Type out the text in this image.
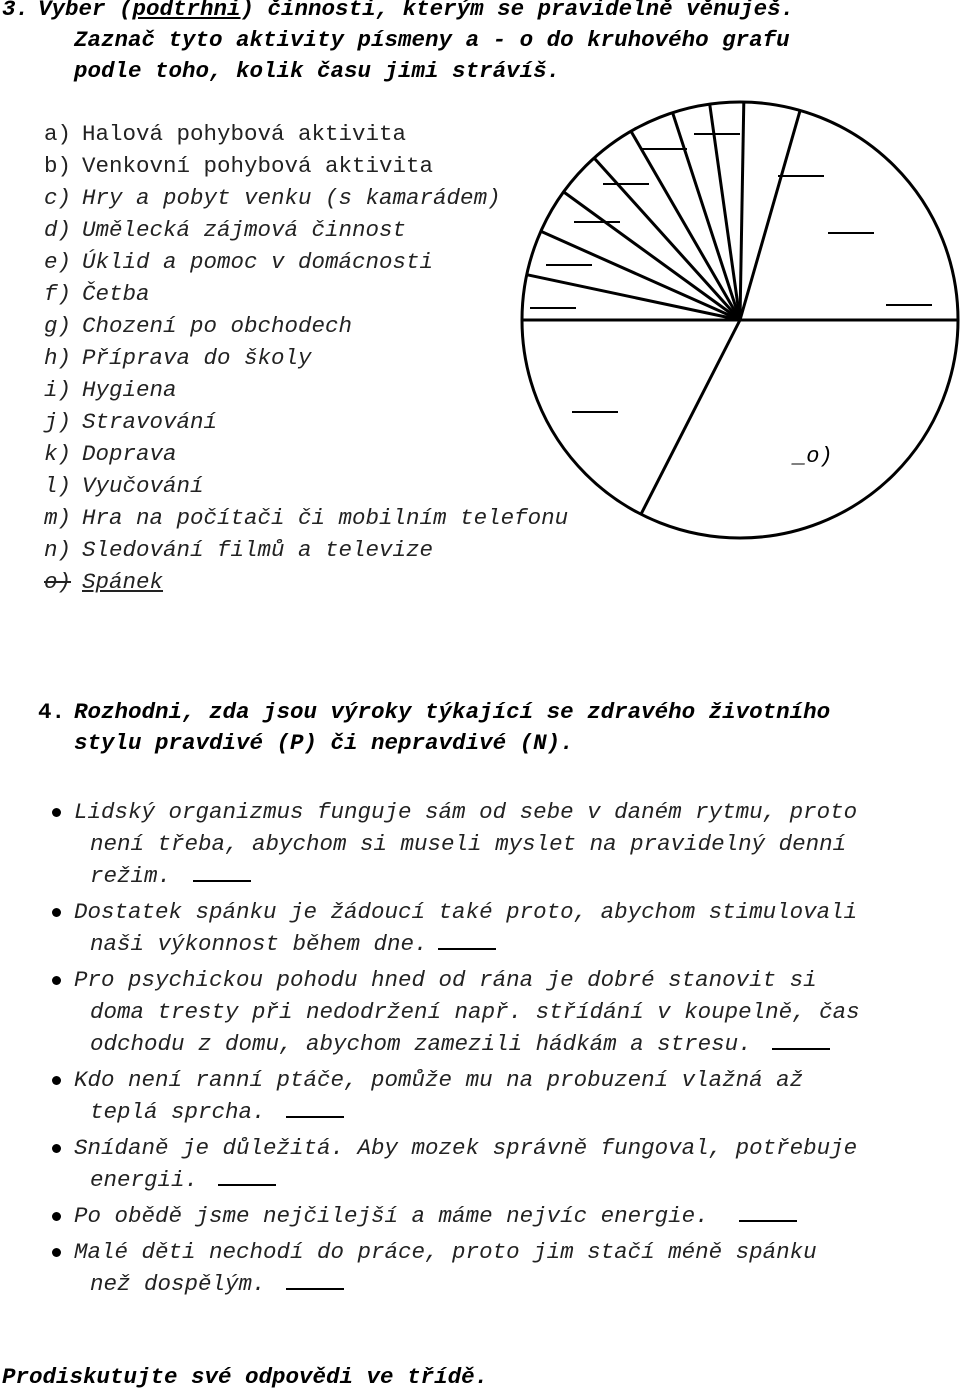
3. Vyber (podtrhni) činnosti, kterým se pravidelně věnuješ.
Zaznač tyto aktivity písmeny a - o do kruhového grafu
podle toho, kolik času jimi strávíš.
a) Halová pohybová aktivita
b) Venkovní pohybová aktivita
c) Hry a pobyt venku (s kamarádem)
d) Umělecká zájmová činnost
e) Úklid a pomoc v domácnosti
f) Četba
g) Chození po obchodech
h) Příprava do školy
i) Hygiena
j) Stravování
k) Doprava
l) Vyučování
m) Hra na počítači či mobilním telefonu
n) Sledování filmů a televize
o) Spánek
_o)
4. Rozhodni, zda jsou výroky týkající se zdravého životního
stylu pravdivé (P) či nepravdivé (N).
Lidský organizmus funguje sám od sebe v daném rytmu, proto
není třeba, abychom si museli myslet na pravidelný denní
režim.
Dostatek spánku je žádoucí také proto, abychom stimulovali
naši výkonnost během dne.
Pro psychickou pohodu hned od rána je dobré stanovit si
doma tresty při nedodržení např. střídání v koupelně, čas
odchodu z domu, abychom zamezili hádkám a stresu.
Kdo není ranní ptáče, pomůže mu na probuzení vlažná až
teplá sprcha.
Snídaně je důležitá. Aby mozek správně fungoval, potřebuje
energii.
Po obědě jsme nejčilejší a máme nejvíc energie.
Malé děti nechodí do práce, proto jim stačí méně spánku
než dospělým.
Prodiskutujte své odpovědi ve třídě.
